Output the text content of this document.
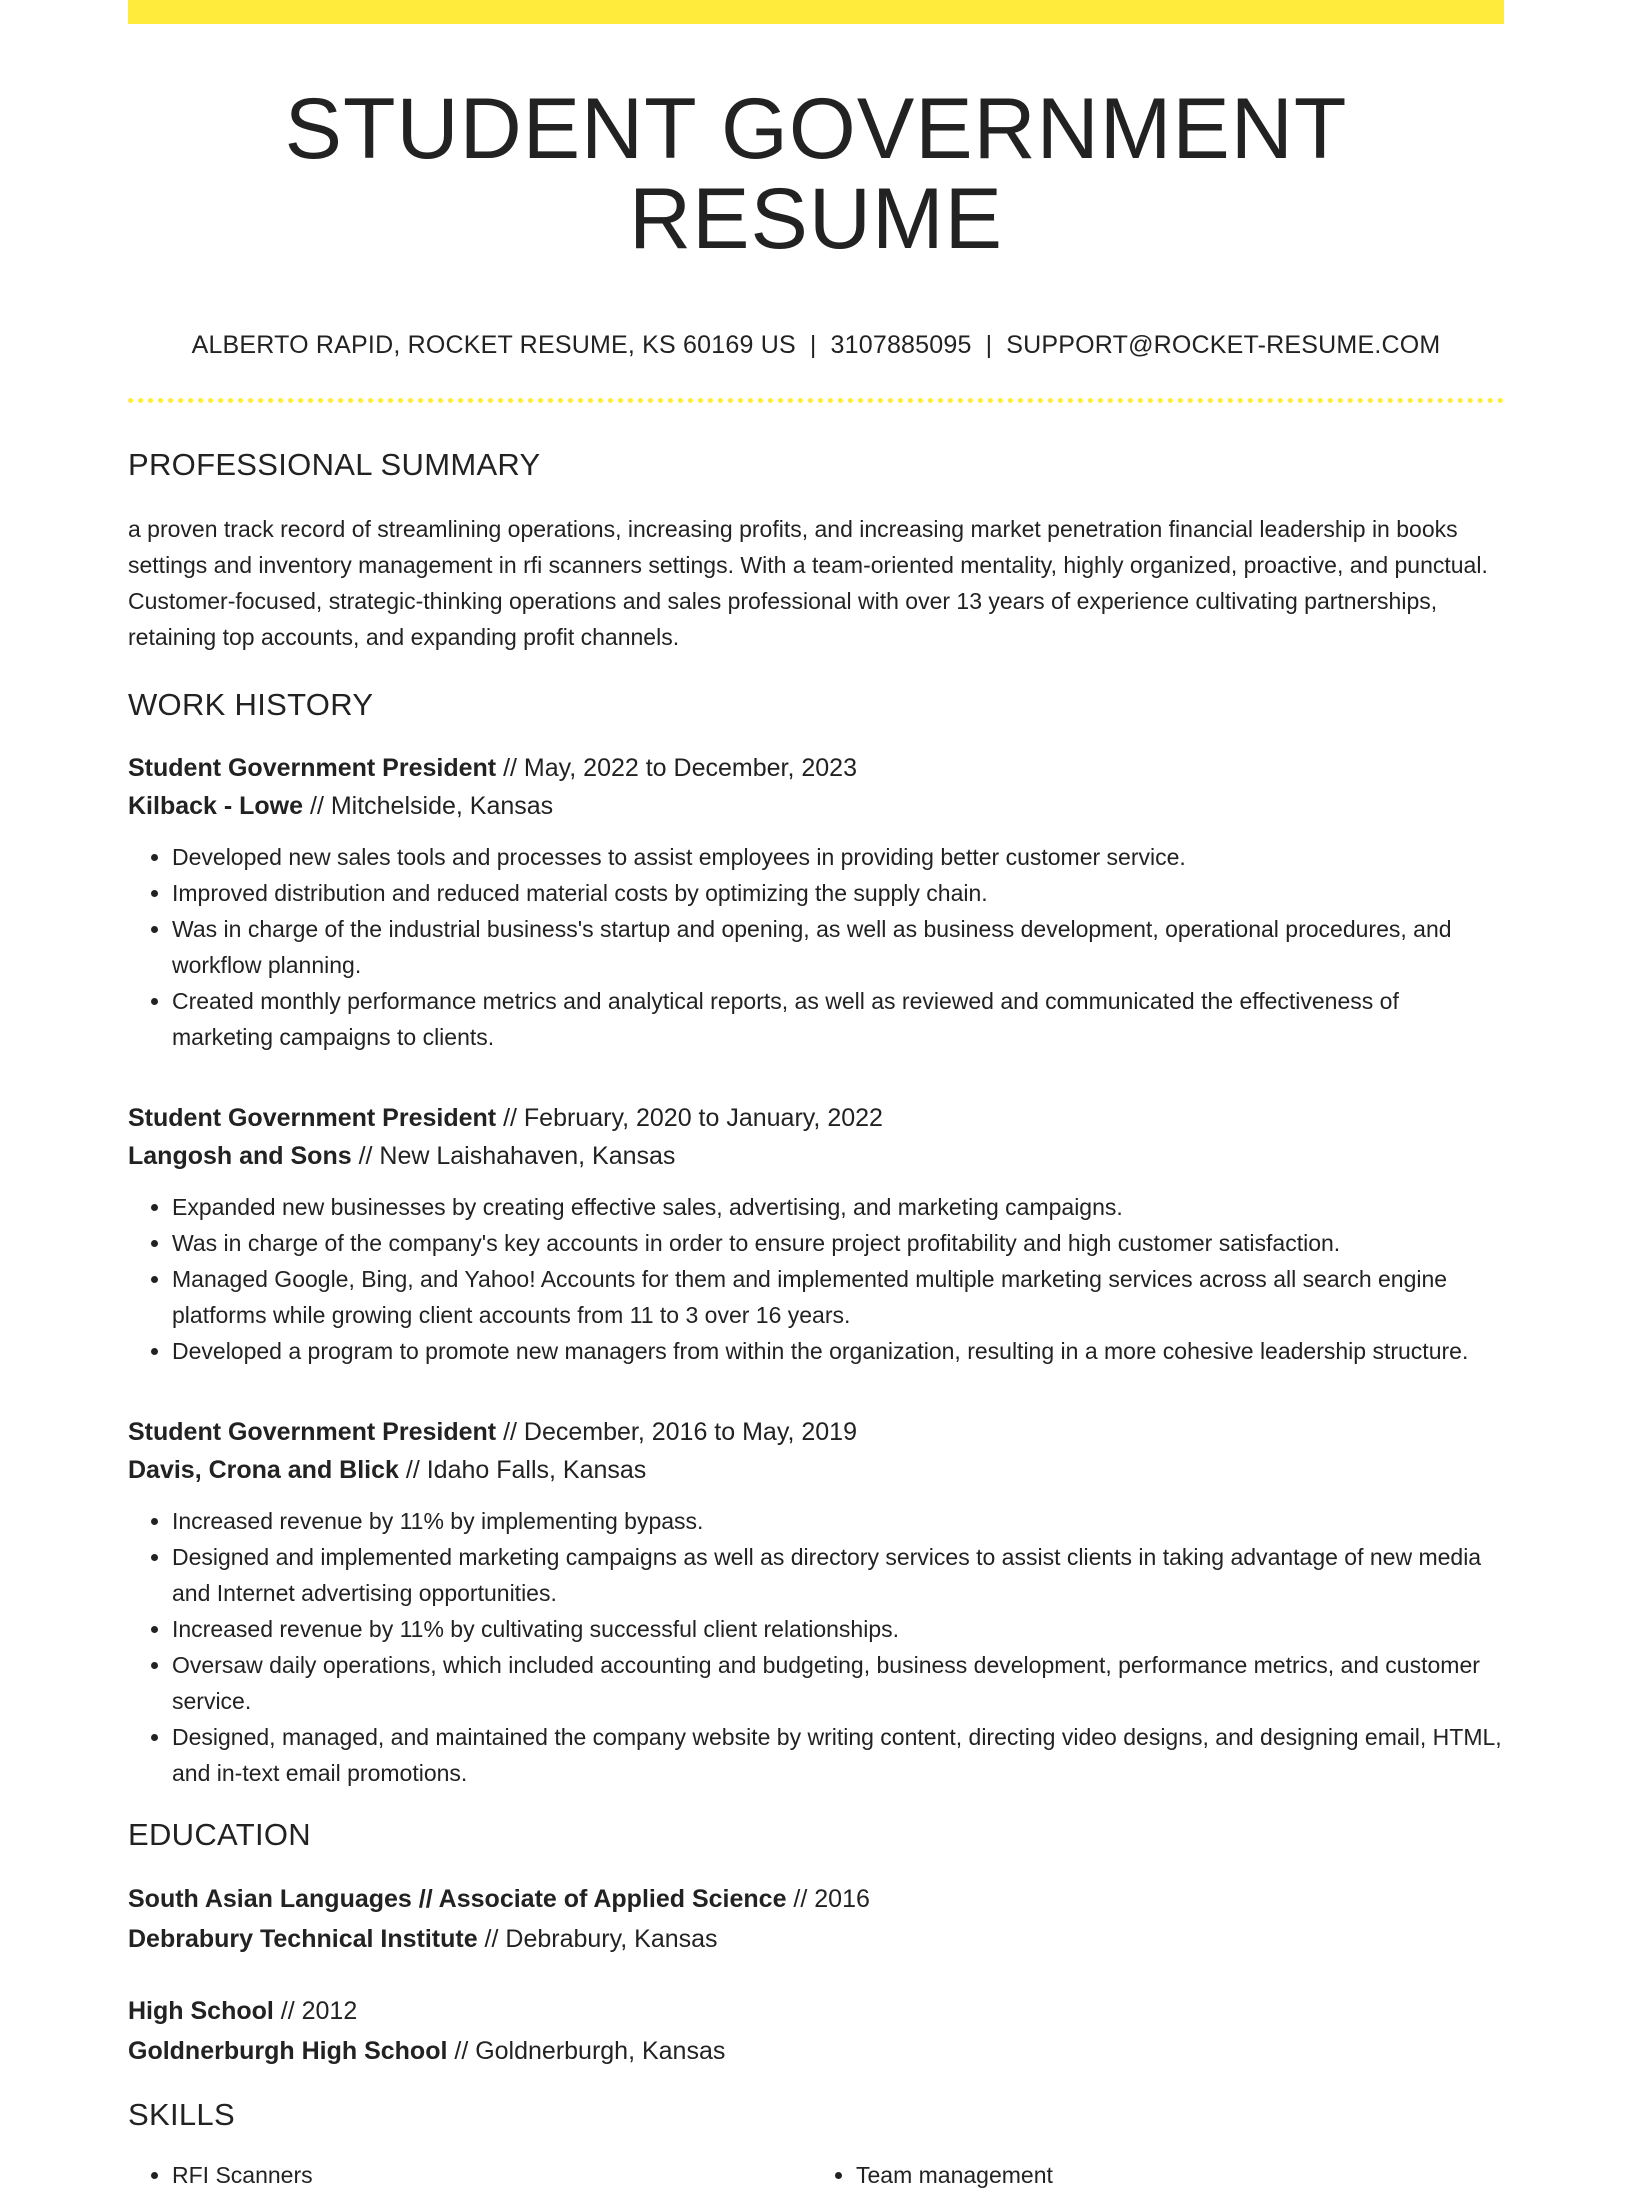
STUDENT GOVERNMENT RESUME
ALBERTO RAPID, ROCKET RESUME, KS 60169 US | 3107885095 | SUPPORT@ROCKET-RESUME.COM
PROFESSIONAL SUMMARY

a proven track record of streamlining operations, increasing profits, and increasing market penetration financial leadership in books settings and inventory management in rfi scanners settings. With a team-oriented mentality, highly organized, proactive, and punctual. Customer-focused, strategic-thinking operations and sales professional with over 13 years of experience cultivating partnerships, retaining top accounts, and expanding profit channels.

WORK HISTORY
Student Government President // May, 2022 to December, 2023
Kilback - Lowe // Mitchelside, Kansas
• Developed new sales tools and processes to assist employees in providing better customer service.
• Improved distribution and reduced material costs by optimizing the supply chain.
• Was in charge of the industrial business's startup and opening, as well as business development, operational procedures, and workflow planning.
• Created monthly performance metrics and analytical reports, as well as reviewed and communicated the effectiveness of marketing campaigns to clients.
Student Government President // February, 2020 to January, 2022
Langosh and Sons // New Laishahaven, Kansas
• Expanded new businesses by creating effective sales, advertising, and marketing campaigns.
• Was in charge of the company's key accounts in order to ensure project profitability and high customer satisfaction.
• Managed Google, Bing, and Yahoo! Accounts for them and implemented multiple marketing services across all search engine platforms while growing client accounts from 11 to 3 over 16 years.
• Developed a program to promote new managers from within the organization, resulting in a more cohesive leadership structure.
Student Government President // December, 2016 to May, 2019
Davis, Crona and Blick // Idaho Falls, Kansas
• Increased revenue by 11% by implementing bypass.
• Designed and implemented marketing campaigns as well as directory services to assist clients in taking advantage of new media and Internet advertising opportunities.
• Increased revenue by 11% by cultivating successful client relationships.
• Oversaw daily operations, which included accounting and budgeting, business development, performance metrics, and customer service.
• Designed, managed, and maintained the company website by writing content, directing video designs, and designing email, HTML, and in-text email promotions.
EDUCATION
South Asian Languages // Associate of Applied Science // 2016
Debrabury Technical Institute // Debrabury, Kansas
High School // 2012
Goldnerburgh High School // Goldnerburgh, Kansas
SKILLS
• RFI Scanners
•	Team management
